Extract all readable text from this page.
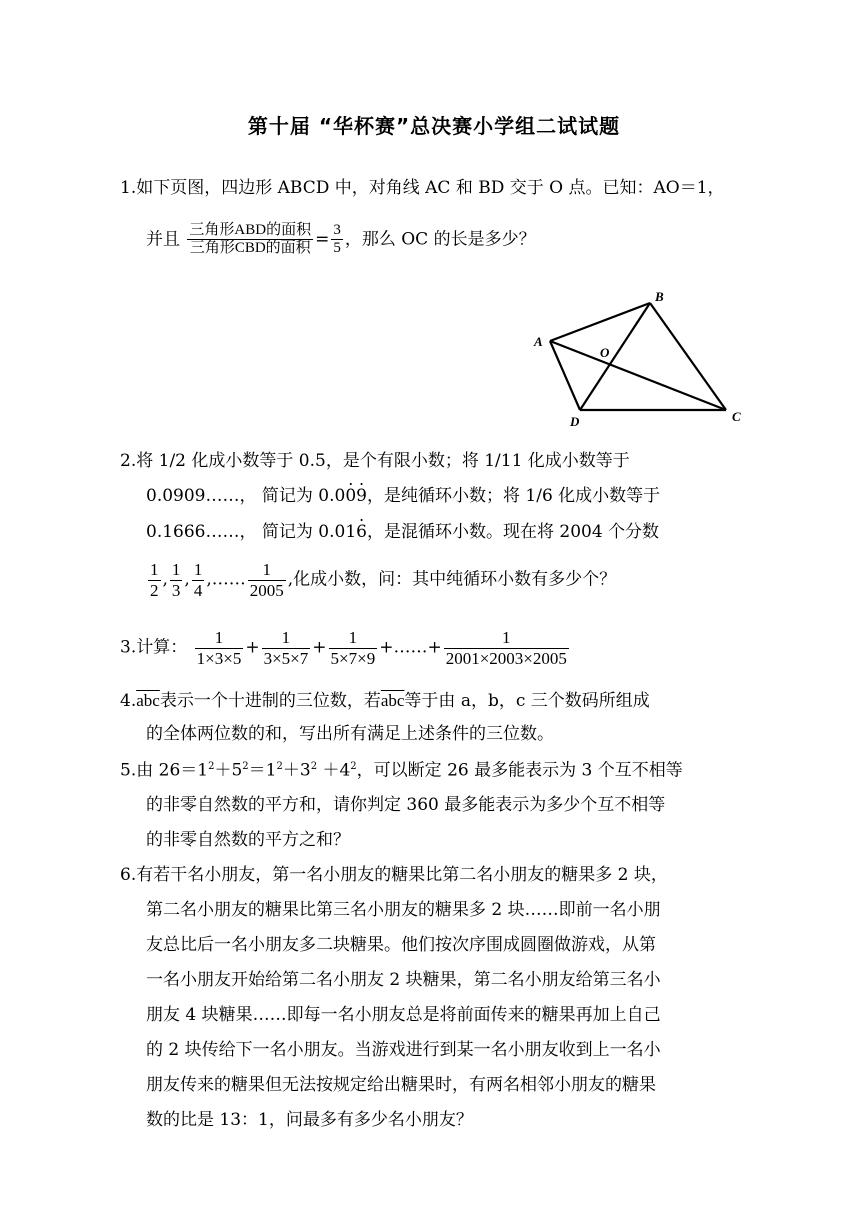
第十届 “华杯赛”总决赛小学组二试试题
1.如下页图，四边形 ABCD 中，对角线 AC 和 BD 交于 O 点。已知：AO＝1，
并且 $\frac{\text{三角形ABD的面积}}{\text{三角形CBD的面积}} = \frac{3}{5}$ ，那么 OC 的长是多少？
A
B
C
D
O
2.将 1/2 化成小数等于 0.5，是个有限小数；将 1/11 化成小数等于
0.0909……， 简记为 0.00 .9 .，是纯循环小数；将 1/6 化成小数等于
0.1666……， 简记为 0.016 .，是混循环小数。现在将 2004 个分数
$\frac{1}{2}$ , $\frac{1}{3}$ , $\frac{1}{4}$ ,…… $\frac{1}{2005}$ ,化成小数，问：其中纯循环小数有多少个？
3.计算： $\frac{1}{1\times 3\times 5} + \frac{1}{3\times 5\times 7} + \frac{1}{5\times 7\times 9}$ +……+ $\frac{1}{2001\times 2003\times 2005}$
$4.\overline{abc}$表示一个十进制的三位数，若$\overline{abc}$等于由 a，b，c 三个数码所组成
的全体两位数的和，写出所有满足上述条件的三位数。
5.由 $26=1^2+5^2=1^2+3^2 +4^2$，可以断定 26 最多能表示为 3 个互不相等
的非零自然数的平方和，请你判定 360 最多能表示为多少个互不相等
的非零自然数的平方之和？
6.有若干名小朋友，第一名小朋友的糖果比第二名小朋友的糖果多 2 块，
第二名小朋友的糖果比第三名小朋友的糖果多 2 块……即前一名小朋
友总比后一名小朋友多二块糖果。他们按次序围成圆圈做游戏，从第
一名小朋友开始给第二名小朋友 2 块糖果，第二名小朋友给第三名小
朋友 4 块糖果……即每一名小朋友总是将前面传来的糖果再加上自己
的 2 块传给下一名小朋友。当游戏进行到某一名小朋友收到上一名小
朋友传来的糖果但无法按规定给出糖果时，有两名相邻小朋友的糖果
数的比是 13：1，问最多有多少名小朋友？
